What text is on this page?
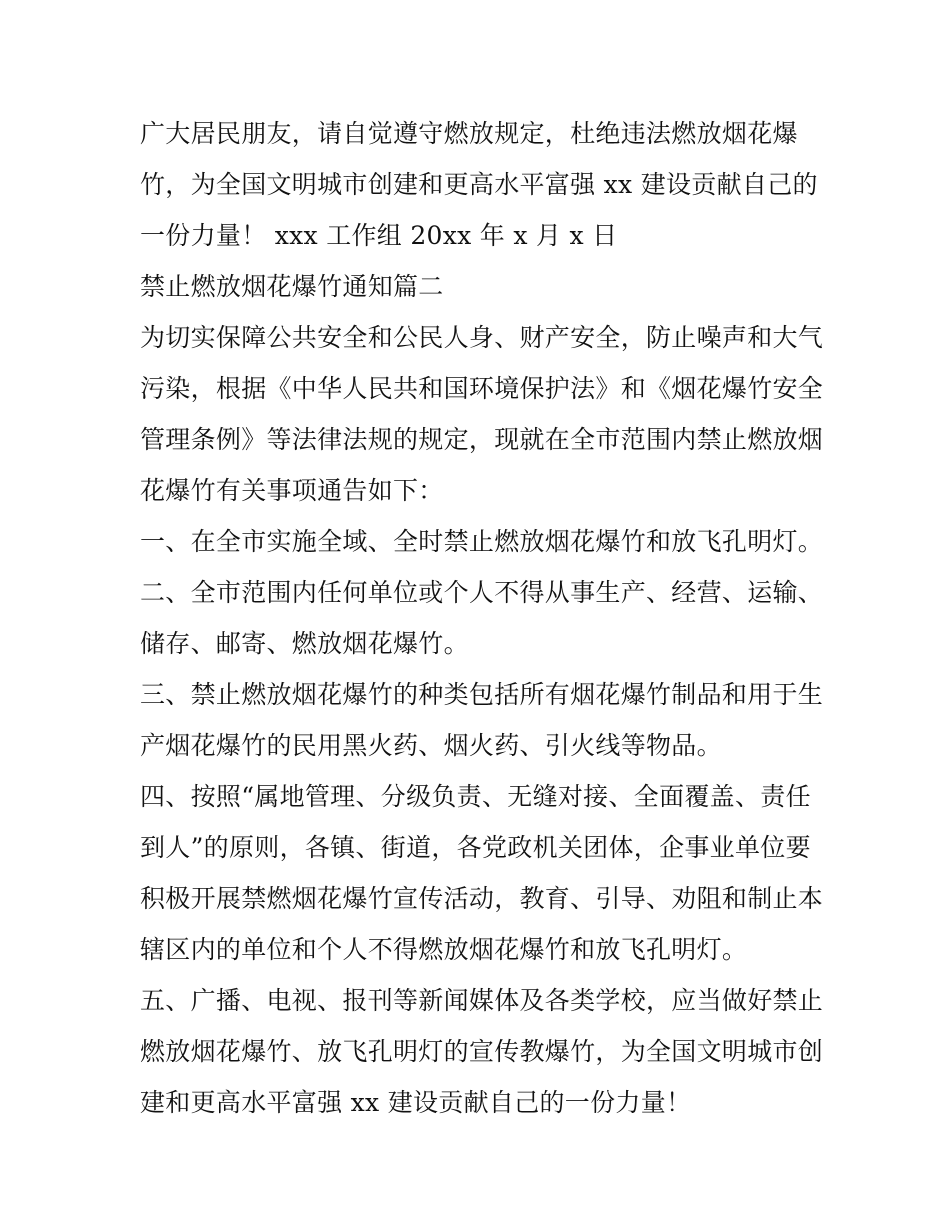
广大居民朋友，请自觉遵守燃放规定，杜绝违法燃放烟花爆
竹，为全国文明城市创建和更高水平富强 xx 建设贡献自己的
一份力量！ xxx 工作组 20xx 年 x 月 x 日
禁止燃放烟花爆竹通知篇二
为切实保障公共安全和公民人身、财产安全，防止噪声和大气
污染，根据《中华人民共和国环境保护法》和《烟花爆竹安全
管理条例》等法律法规的规定，现就在全市范围内禁止燃放烟
花爆竹有关事项通告如下：
一、在全市实施全域、全时禁止燃放烟花爆竹和放飞孔明灯。
二、全市范围内任何单位或个人不得从事生产、经营、运输、
储存、邮寄、燃放烟花爆竹。
三、禁止燃放烟花爆竹的种类包括所有烟花爆竹制品和用于生
产烟花爆竹的民用黑火药、烟火药、引火线等物品。
四、按照“属地管理、分级负责、无缝对接、全面覆盖、责任
到人”的原则，各镇、街道，各党政机关团体，企事业单位要
积极开展禁燃烟花爆竹宣传活动，教育、引导、劝阻和制止本
辖区内的单位和个人不得燃放烟花爆竹和放飞孔明灯。
五、广播、电视、报刊等新闻媒体及各类学校，应当做好禁止
燃放烟花爆竹、放飞孔明灯的宣传教爆竹，为全国文明城市创
建和更高水平富强 xx 建设贡献自己的一份力量！
